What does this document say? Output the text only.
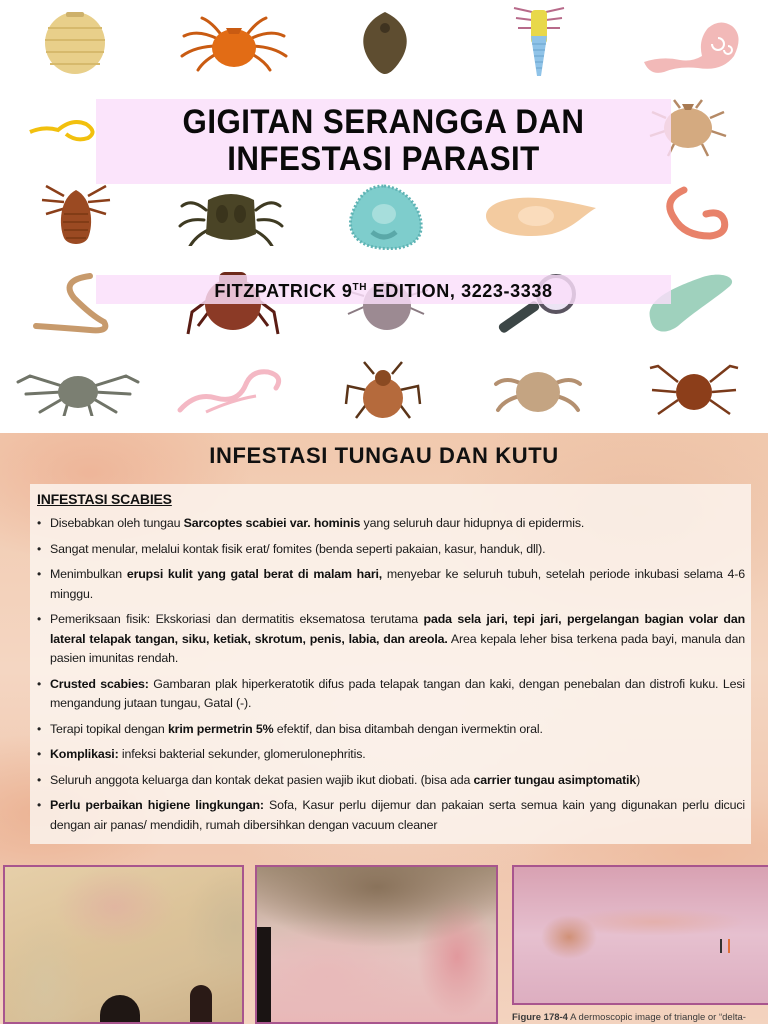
GIGITAN SERANGGA DAN
INFESTASI PARASIT
FITZPATRICK 9TH EDITION, 3223-3338
INFESTASI TUNGAU DAN KUTU
INFESTASI SCABIES
• Disebabkan oleh tungau Sarcoptes scabiei var. hominis yang seluruh daur hidupnya di epidermis.
• Sangat menular, melalui kontak fisik erat/ fomites (benda seperti pakaian, kasur, handuk, dll).
• Menimbulkan erupsi kulit yang gatal berat di malam hari, menyebar ke seluruh tubuh, setelah periode inkubasi selama 4-6 minggu.
• Pemeriksaan fisik: Ekskoriasi dan dermatitis eksematosa terutama pada sela jari, tepi jari, pergelangan bagian volar dan lateral telapak tangan, siku, ketiak, skrotum, penis, labia, dan areola. Area kepala leher bisa terkena pada bayi, manula dan pasien imunitas rendah.
• Crusted scabies: Gambaran plak hiperkeratotik difus pada telapak tangan dan kaki, dengan penebalan dan distrofi kuku. Lesi mengandung jutaan tungau, Gatal (-).
• Terapi topikal dengan krim permetrin 5% efektif, dan bisa ditambah dengan ivermektin oral.
• Komplikasi: infeksi bakterial sekunder, glomerulonephritis.
• Seluruh anggota keluarga dan kontak dekat pasien wajib ikut diobati. (bisa ada carrier tungau asimptomatik)
• Perlu perbaikan higiene lingkungan: Sofa, Kasur perlu dijemur dan pakaian serta semua kain yang digunakan perlu dicuci dengan air panas/ mendidih, rumah dibersihkan dengan vacuum cleaner
Figure 178-4 A dermoscopic image of triangle or “delta-
